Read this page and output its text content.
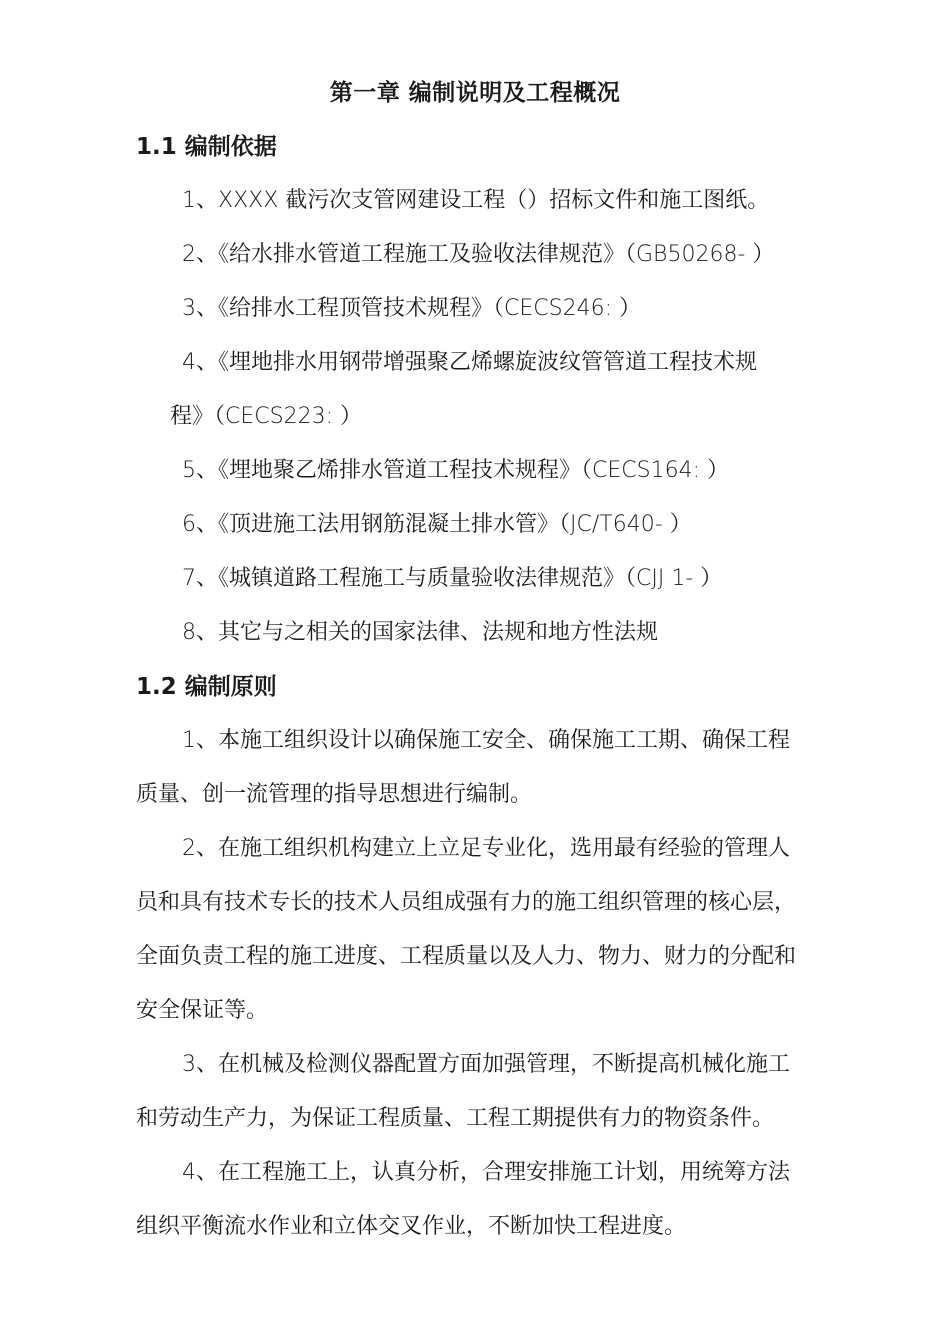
第一章 编制说明及工程概况
1.1 编制依据
1、XXXX 截污次支管网建设工程（）招标文件和施工图纸。
2、《给水排水管道工程施工及验收法律规范》（GB50268- ）
3、《给排水工程顶管技术规程》（CECS246: ）
4、《埋地排水用钢带增强聚乙烯螺旋波纹管管道工程技术规
程》（CECS223: ）
5、《埋地聚乙烯排水管道工程技术规程》（CECS164: ）
6、《顶进施工法用钢筋混凝土排水管》（JC/T640- ）
7、《城镇道路工程施工与质量验收法律规范》（CJJ 1- ）
8、其它与之相关的国家法律、法规和地方性法规
1.2 编制原则
1、本施工组织设计以确保施工安全、确保施工工期、确保工程
质量、创一流管理的指导思想进行编制。
2、在施工组织机构建立上立足专业化，选用最有经验的管理人
员和具有技术专长的技术人员组成强有力的施工组织管理的核心层，
全面负责工程的施工进度、工程质量以及人力、物力、财力的分配和
安全保证等。
3、在机械及检测仪器配置方面加强管理，不断提高机械化施工
和劳动生产力，为保证工程质量、工程工期提供有力的物资条件。
4、在工程施工上，认真分析，合理安排施工计划，用统筹方法
组织平衡流水作业和立体交叉作业，不断加快工程进度。
